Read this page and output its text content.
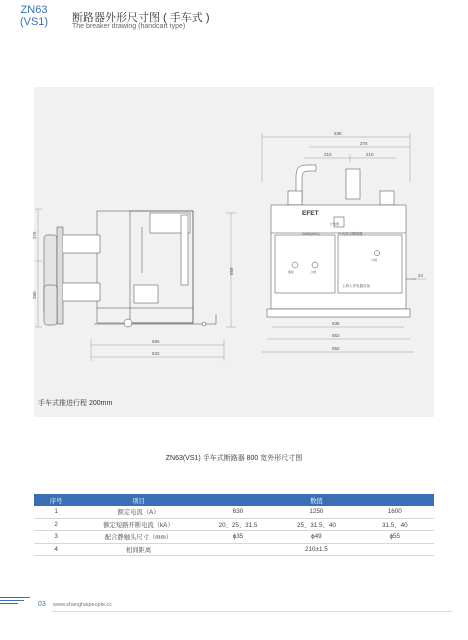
ZN63
(VS1)	断路器外形尺寸图 ( 手车式 )
The breaker drawing (handcart type)
275
280
658
596
632
638
275
210	210
638
852
892
24
EFET
ZN63(VS1)	户内真空断路器
储能	合闸
分闸
计数器
上海人民电器设备
手车式推进行程 200mm
ZN63(VS1) 手车式断路器 800 宽外形尺寸图
序号	项目	数值		
1	额定电流（A）	630	1250	1600
2	额定短路开断电流（kA）	20、25、31.5	25、31.5、40	31.5、40
3	配合静触头尺寸（mm）	ϕ35	ϕ49	ϕ55
4	相间距离	210±1.5		
03 www.shanghaipeople.cc
